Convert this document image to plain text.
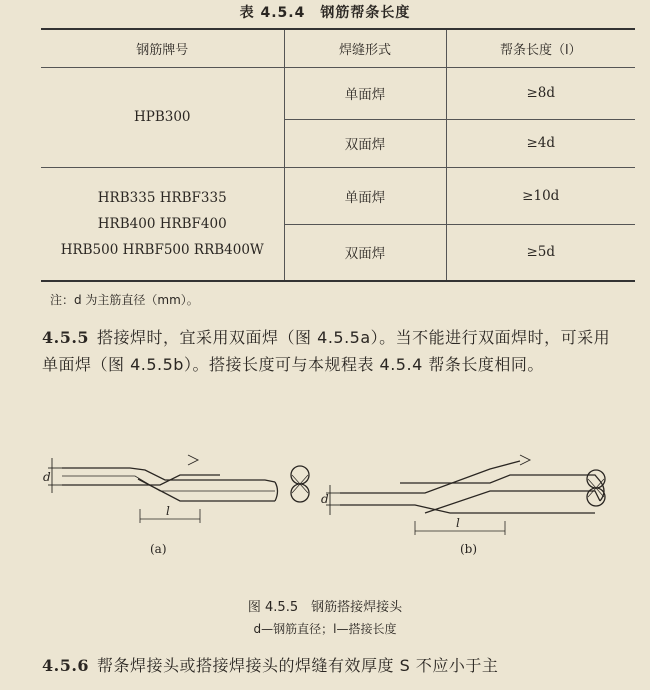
表 4.5.4　钢筋帮条长度
钢筋牌号	焊缝形式	帮条长度（l）

HPB300	单面焊	≥8d
	双面焊	≥4d

HRB335 HRBF335
HRB400 HRBF400
HRB500 HRBF500 RRB400W	单面焊	≥10d
	双面焊	≥5d
注：d 为主筋直径（mm）。
4.5.5 搭接焊时，宜采用双面焊（图 4.5.5a）。当不能进行双面焊时，可采用单面焊（图 4.5.5b）。搭接长度可与本规程表 4.5.4 帮条长度相同。
d
l
d
l
(a)	(b)
图 4.5.5　钢筋搭接焊接头
d—钢筋直径；l—搭接长度
4.5.6 帮条焊接头或搭接焊接头的焊缝有效厚度 S 不应小于主
